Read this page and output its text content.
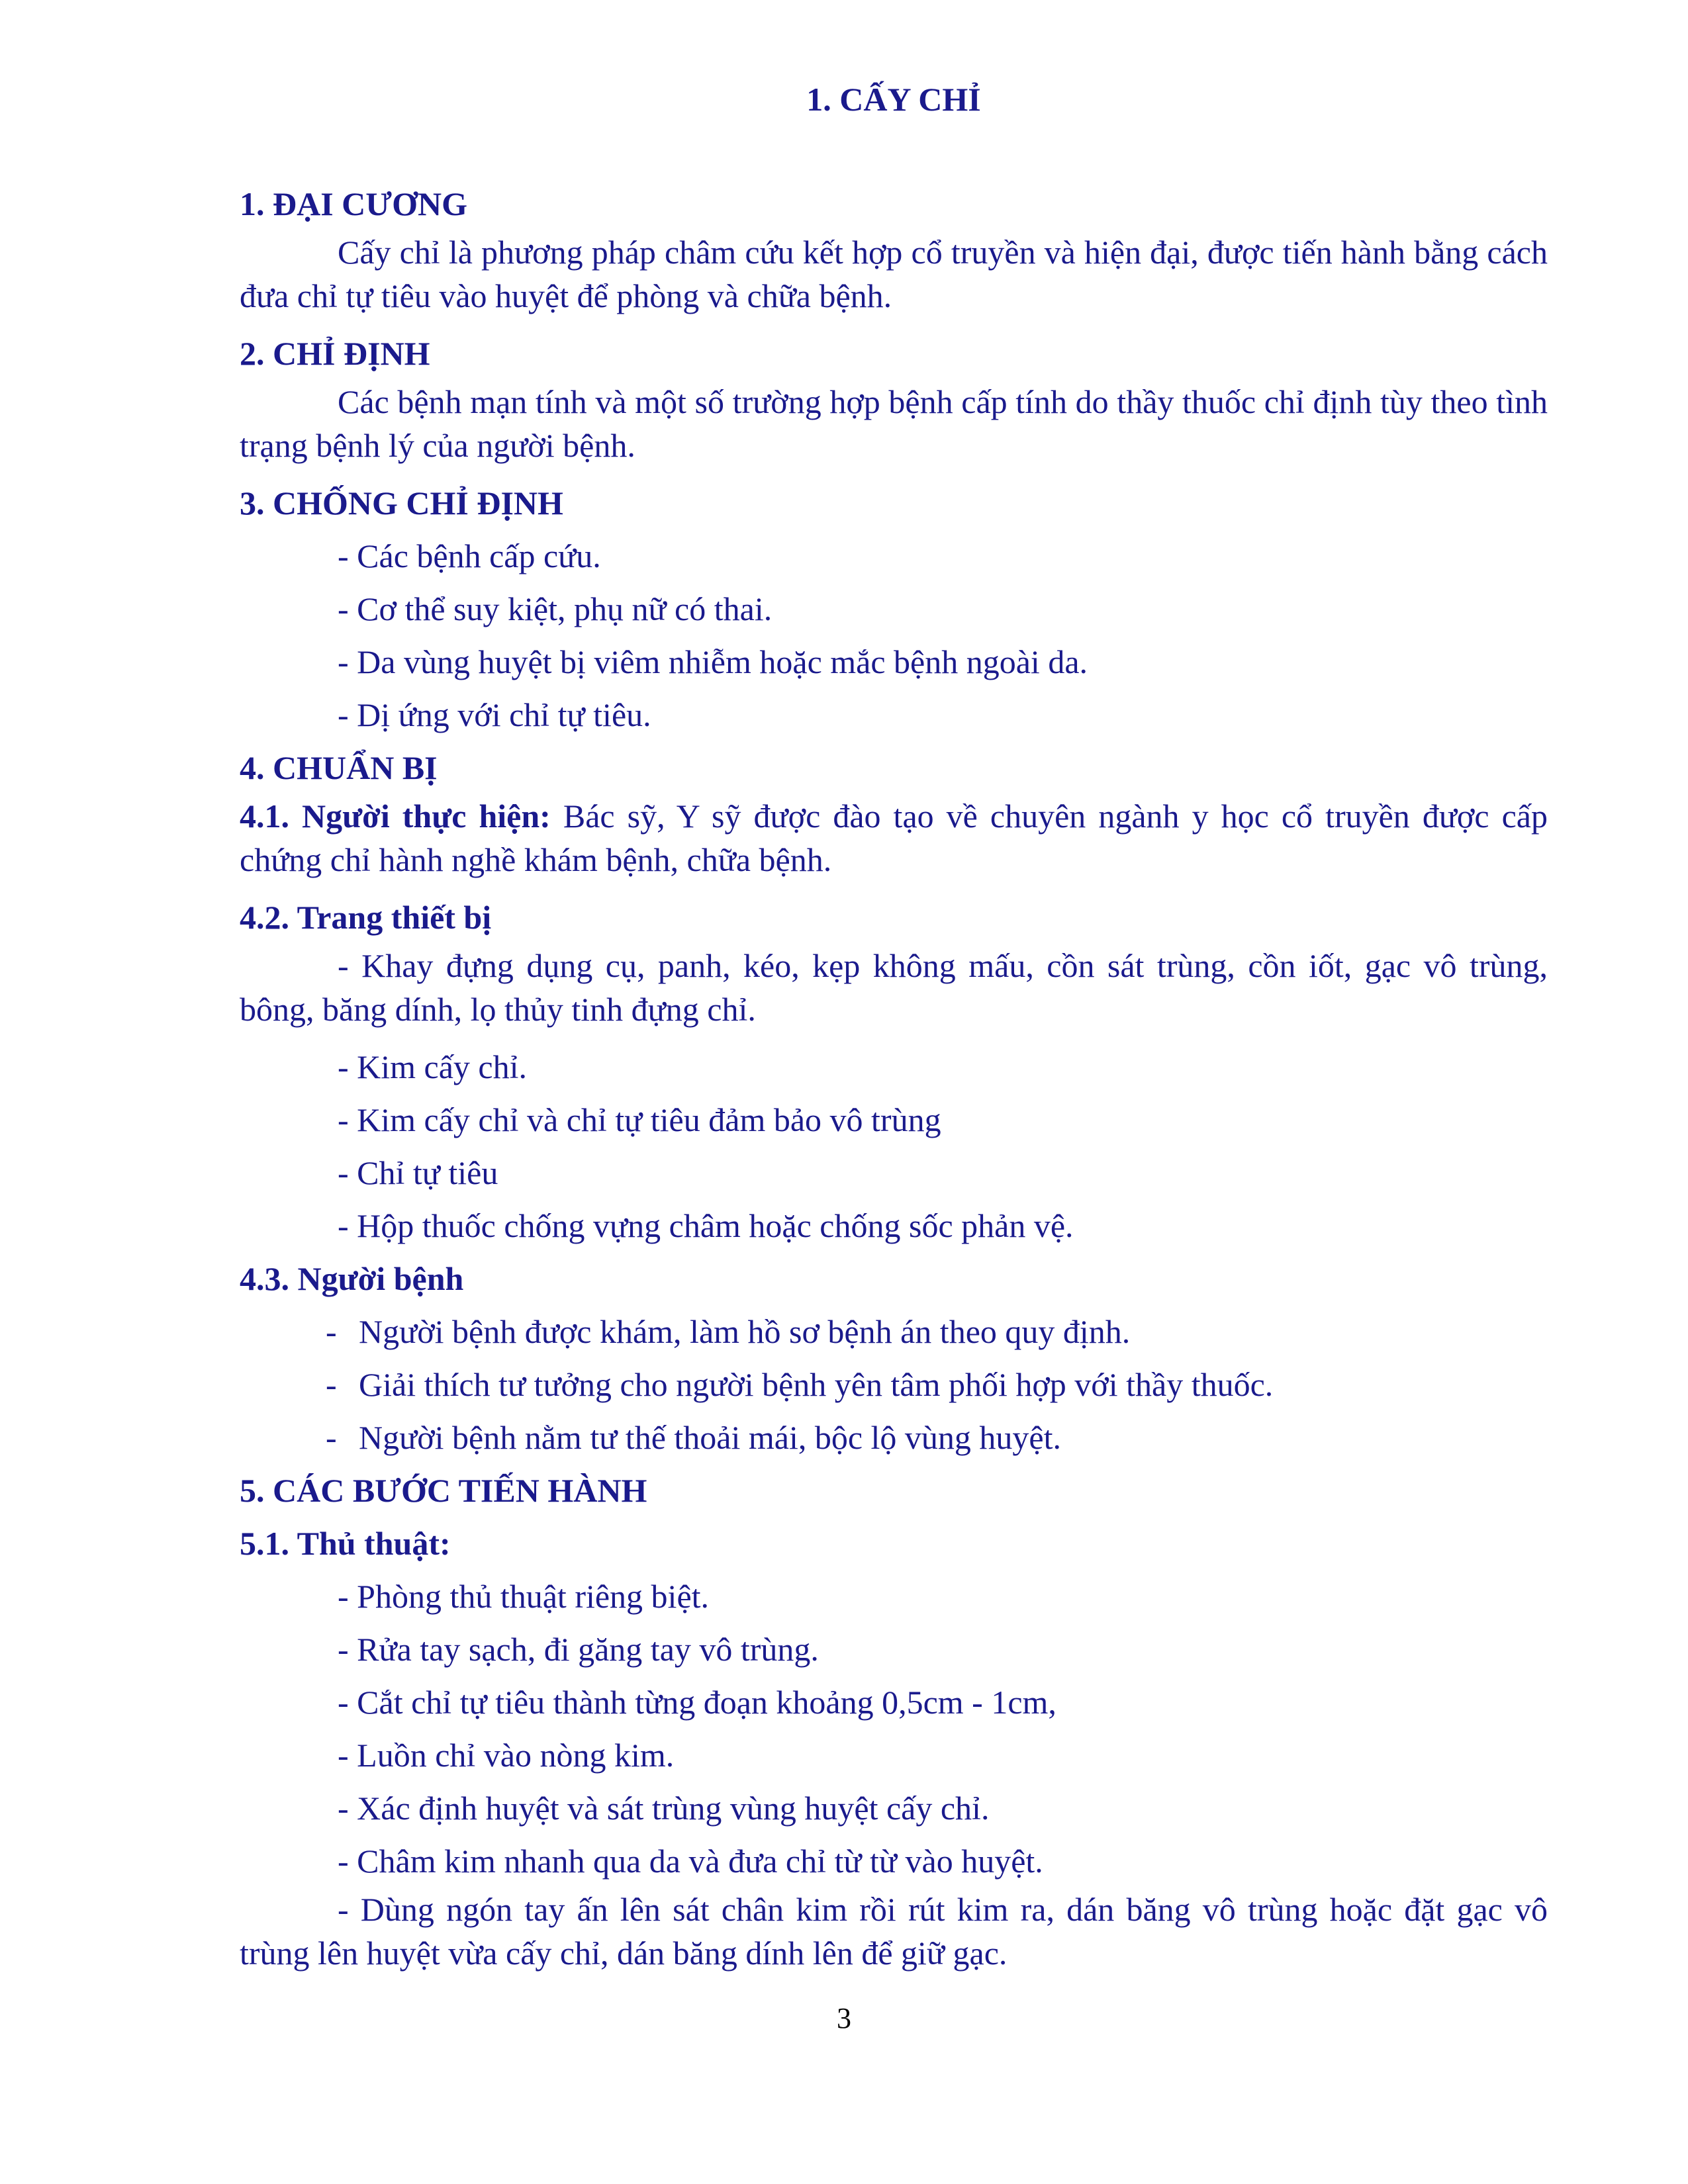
1. CẤY CHỈ
1. ĐẠI CƯƠNG

Cấy chỉ là phương pháp châm cứu kết hợp cổ truyền và hiện đại, được tiến hành bằng cách đưa chỉ tự tiêu vào huyệt để phòng và chữa bệnh.

2. CHỈ ĐỊNH

Các bệnh mạn tính và một số trường hợp bệnh cấp tính do thầy thuốc chỉ định tùy theo tình trạng bệnh lý của người bệnh.

3. CHỐNG CHỈ ĐỊNH
- Các bệnh cấp cứu.
- Cơ thể suy kiệt, phụ nữ có thai.
- Da vùng huyệt bị viêm nhiễm hoặc mắc bệnh ngoài da.
- Dị ứng với chỉ tự tiêu.
4. CHUẨN BỊ

4.1. Người thực hiện: Bác sỹ, Y sỹ được đào tạo về chuyên ngành y học cổ truyền được cấp chứng chỉ hành nghề khám bệnh, chữa bệnh.

4.2. Trang thiết bị

- Khay đựng dụng cụ, panh, kéo, kẹp không mấu, cồn sát trùng, cồn iốt, gạc vô trùng, bông, băng dính, lọ thủy tinh đựng chỉ.

- Kim cấy chỉ.
- Kim cấy chỉ và chỉ tự tiêu đảm bảo vô trùng
- Chỉ tự tiêu
- Hộp thuốc chống vựng châm hoặc chống sốc phản vệ.
4.3. Người bệnh
- Người bệnh được khám, làm hồ sơ bệnh án theo quy định.
- Giải thích tư tưởng cho người bệnh yên tâm phối hợp với thầy thuốc.
- Người bệnh nằm tư thế thoải mái, bộc lộ vùng huyệt.
5. CÁC BƯỚC TIẾN HÀNH
5.1. Thủ thuật:
- Phòng thủ thuật riêng biệt.
- Rửa tay sạch, đi găng tay vô trùng.
- Cắt chỉ tự tiêu thành từng đoạn khoảng 0,5cm - 1cm,
- Luồn chỉ vào nòng kim.
- Xác định huyệt và sát trùng vùng huyệt cấy chỉ.
- Châm kim nhanh qua da và đưa chỉ từ từ vào huyệt.

- Dùng ngón tay ấn lên sát chân kim rồi rút kim ra, dán băng vô trùng hoặc đặt gạc vô trùng lên huyệt vừa cấy chỉ, dán băng dính lên để giữ gạc.

3
